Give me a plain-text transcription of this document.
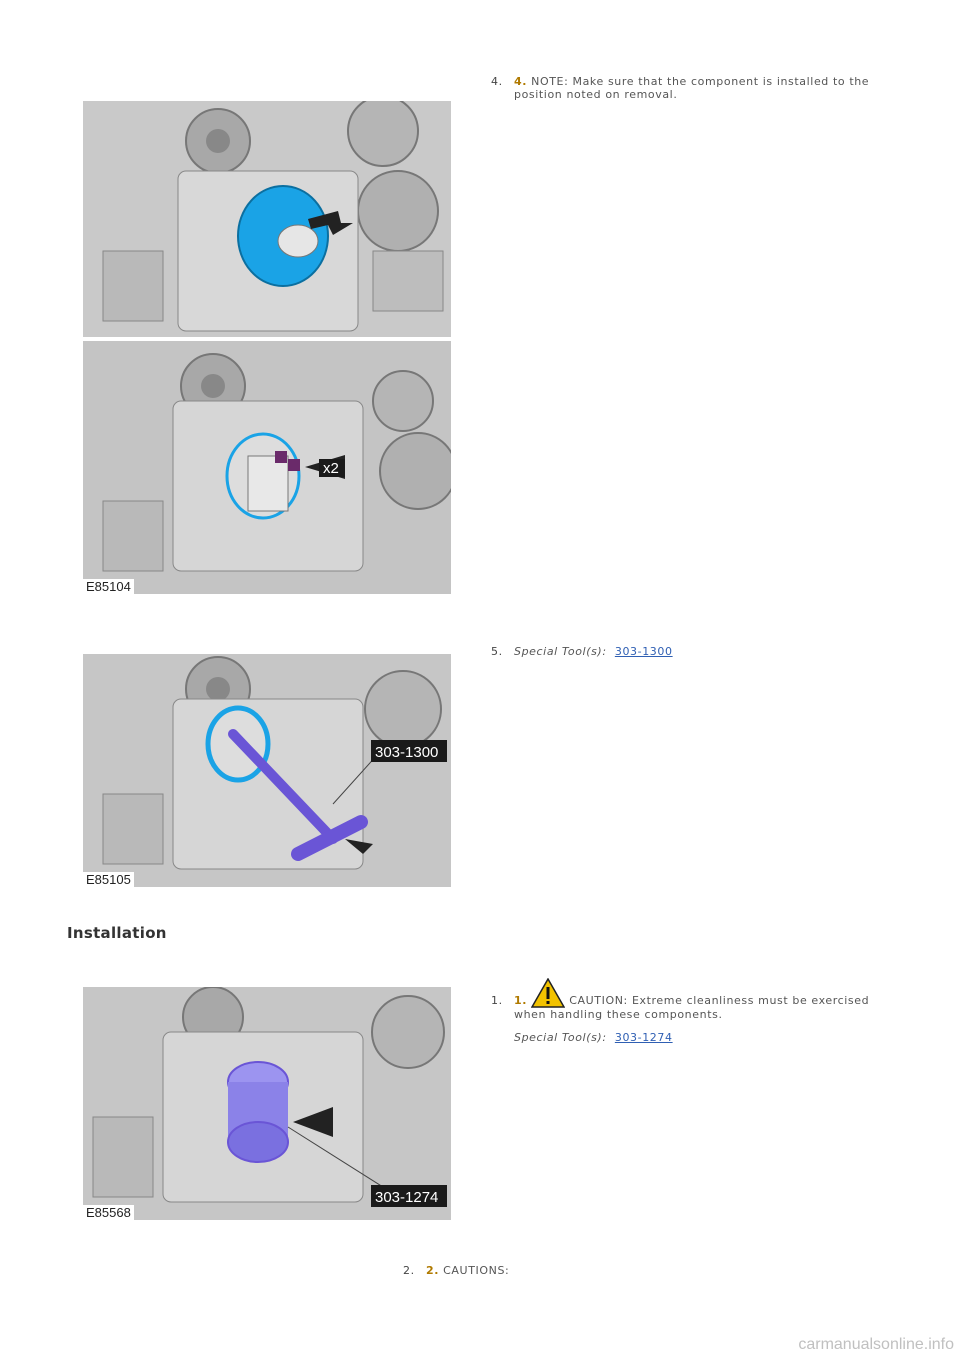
x2
E85104
4. 4. NOTE: Make sure that the component is installed to the position noted on removal.

303-1300
E85105
5. Special Tool(s): 303-1300

Installation
303-1274
E85568
1. 1.	CAUTION: Extreme cleanliness must be exercised when handling these components.

Special Tool(s): 303-1274

2. 2. CAUTIONS:

carmanualsonline.info
